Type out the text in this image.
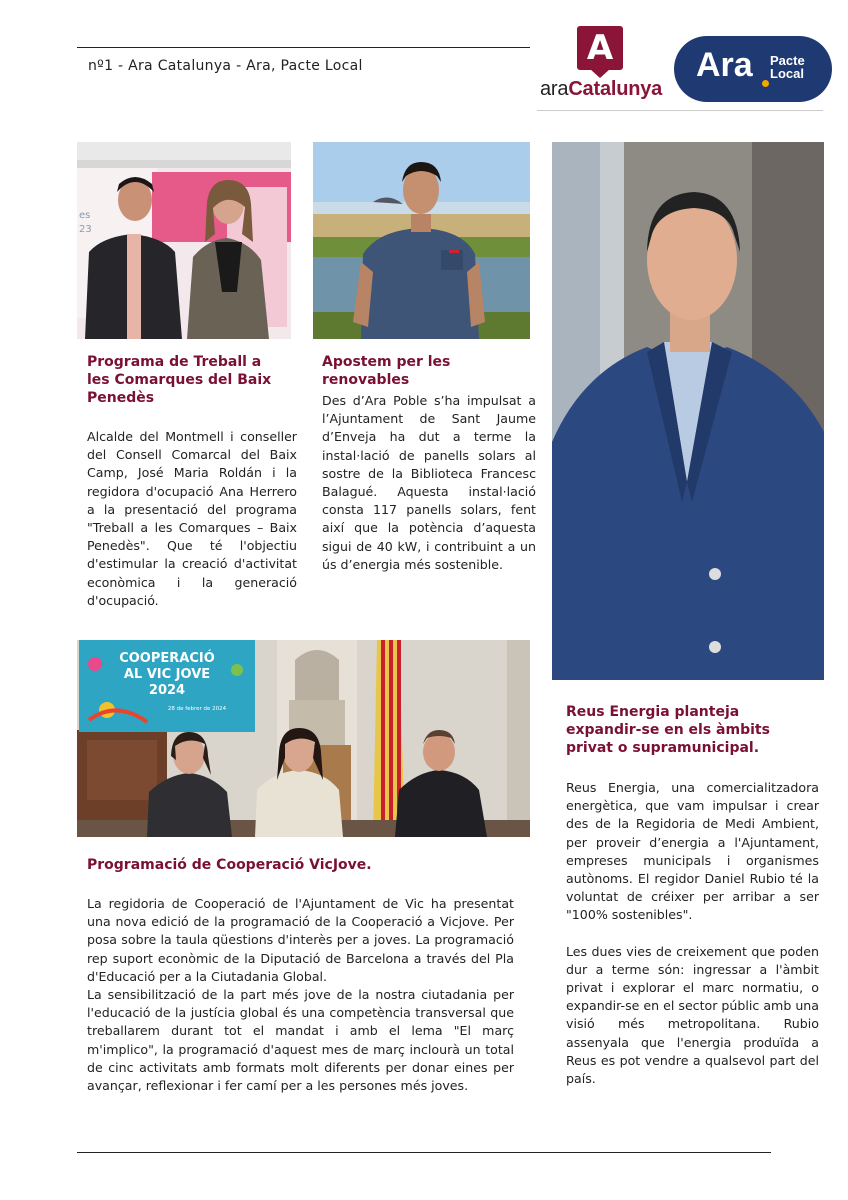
nº1 - Ara Catalunya - Ara, Pacte Local	A
araCatalunya
Ara Pacte
Local
es
23
COOPERACIÓ
AL VIC JOVE
2024
28 de febrer de 2024
Programa de Treball a les Comarques del Baix Penedès
Apostem per les renovables
Reus Energia planteja expandir-se en els àmbits privat o supramunicipal.
Programació de Cooperació VicJove.

Alcalde del Montmell i conseller del Consell Comarcal del Baix Camp, José Maria Roldán i la regidora d'ocupació Ana Herrero a la presentació del programa "Treball a les Comarques – Baix Penedès". Que té l'objectiu d'estimular la creació d'activitat econòmica i la generació d'ocupació.

Des d’Ara Poble s’ha impulsat a l’Ajuntament de Sant Jaume d’Enveja ha dut a terme la instal·lació de panells solars al sostre de la Biblioteca Francesc Balagué. Aquesta instal·lació consta 117 panells solars, fent així que la potència d’aquesta sigui de 40 kW, i contribuint a un ús d’energia més sostenible.

Reus Energia, una comercialitzadora energètica, que vam impulsar i crear des de la Regidoria de Medi Ambient, per proveir d’energia a l'Ajuntament, empreses municipals i organismes autònoms. El regidor Daniel Rubio té la voluntat de créixer per arribar a ser "100% sostenibles".

Les dues vies de creixement que poden dur a terme són: ingressar a l'àmbit privat i explorar el marc normatiu, o expandir-se en el sector públic amb una visió més metropolitana. Rubio assenyala que l'energia produïda a Reus es pot vendre a qualsevol part del país.

La regidoria de Cooperació de l'Ajuntament de Vic ha presentat una nova edició de la programació de la Cooperació a Vicjove. Per posa sobre la taula qüestions d'interès per a joves. La programació rep suport econòmic de la Diputació de Barcelona a través del Pla d'Educació per a la Ciutadania Global.

La sensibilització de la part més jove de la nostra ciutadania per l'educació de la justícia global és una competència transversal que treballarem durant tot el mandat i amb el lema "El març m'implico", la programació d'aquest mes de març inclourà un total de cinc activitats amb formats molt diferents per donar eines per avançar, reflexionar i fer camí per a les persones més joves.
